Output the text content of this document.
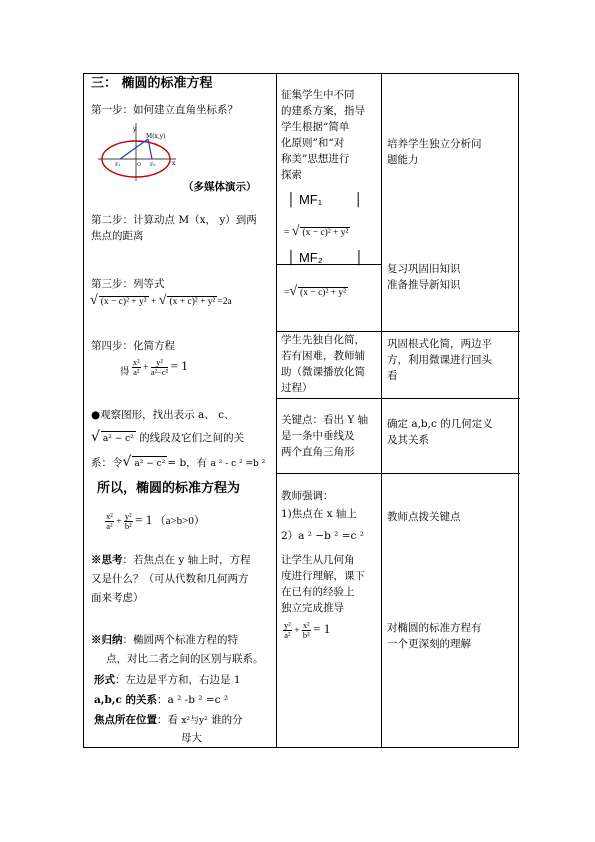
三： 椭圆的标准方程
第一步：如何建立直角坐标系？
y
x
M(x,y)
F₁	O F₂
（多媒体演示）
第二步：计算动点 M（x， y）到两
焦点的距离
第三步：列等式
√ (x − c)² + y² + √ (x + c)² + y² =2a
第四步：化简方程
得 $\frac{\text{x²}}{\text{a²}} + \frac{\text{y²}}{\text{a²−c²}} = 1$
●观察图形，找出表示 a、 c、
√ a² − c² 的线段及它们之间的关
系：令√ a² − c² = b，有 a ² - c ² =b ²
所以，椭圆的标准方程为
$\frac{\text{x²}}{\text{a²}} + \frac{\text{y²}}{\text{b²}} = 1$ （a>b>0）
※思考：若焦点在 y 轴上时，方程
又是什么？（可从代数和几何两方
面来考虑）
※归纳：椭圆两个标准方程的特
点，对比二者之间的区别与联系。
形式：左边是平方和，右边是 1
a,b,c 的关系：a ² -b ² =c ²
焦点所在位置：看 x²与y² 谁的分
母大
征集学生中不同
的建系方案，指导
学生根据“简单
化原则”和“对
称美”思想进行
探索
│ MF₁ │
= √ (x − c)² + y²
│ MF₂ │
=√ (x − c)² + y²
学生先独自化简，
若有困难，教师辅
助（微课播放化简
过程）
关键点：看出 Y 轴
是一条中垂线及
两个直角三角形
教师强调：
1)焦点在 x 轴上
2）a ² −b ² =c ²
让学生从几何角
度进行理解，课下
在已有的经验上
独立完成推导
$\frac{\text{y²}}{\text{a²}} + \frac{\text{x²}}{\text{b²}} = 1$
培养学生独立分析问
题能力
复习巩固旧知识
准备推导新知识
巩固根式化简，两边平
方，利用微课进行回头
看
确定 a,b,c 的几何定义
及其关系
教师点拨关键点
对椭圆的标准方程有
一个更深刻的理解
